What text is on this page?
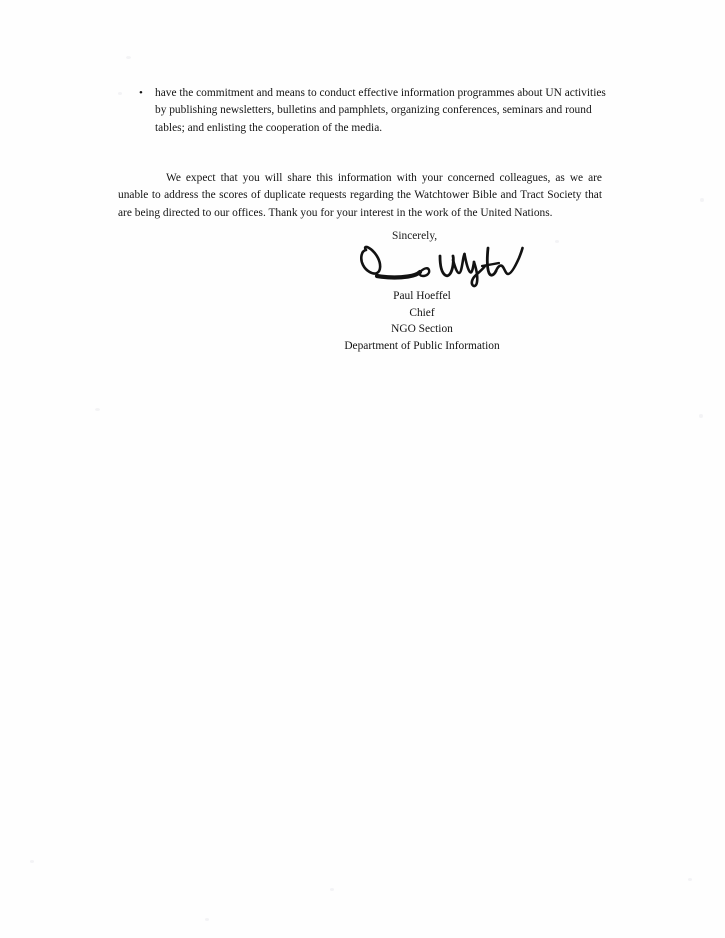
•	have the commitment and means to conduct effective information programmes about UN activities by publishing newsletters, bulletins and pamphlets, organizing conferences, seminars and round tables; and enlisting the cooperation of the media.
We expect that you will share this information with your concerned colleagues, as we are unable to address the scores of duplicate requests regarding the Watchtower Bible and Tract Society that are being directed to our offices. Thank you for your interest in the work of the United Nations.
Sincerely,
Paul Hoeffel
Chief
NGO Section
Department of Public Information
